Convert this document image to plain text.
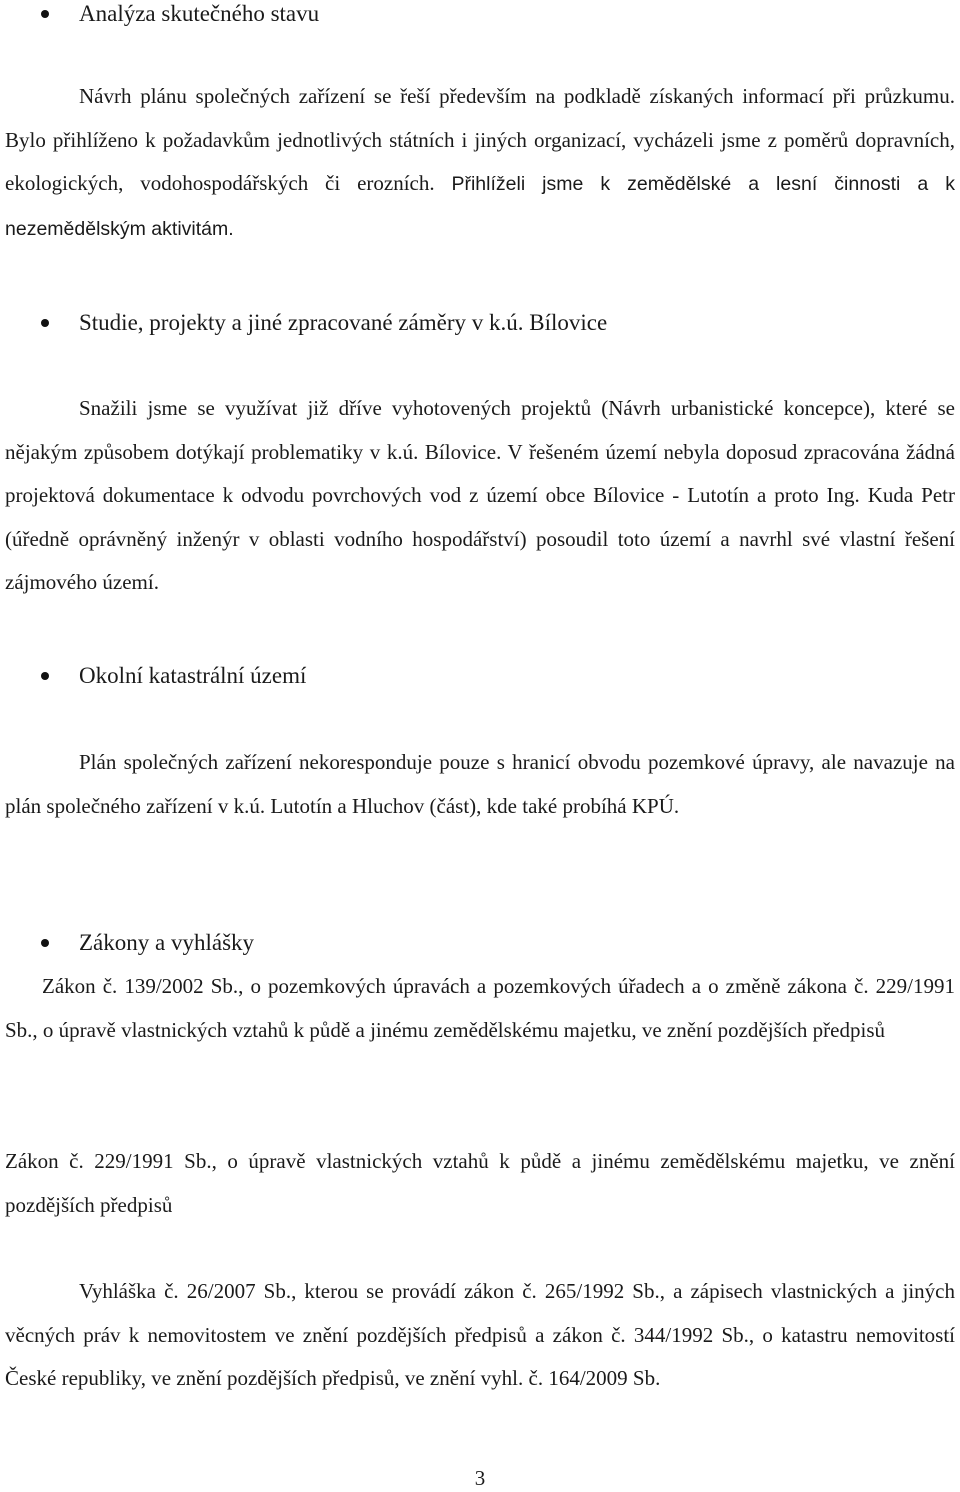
Analýza skutečného stavu

Návrh plánu společných zařízení se řeší především na podkladě získaných informací při průzkumu. Bylo přihlíženo k požadavkům jednotlivých státních i jiných organizací, vycházeli jsme z poměrů dopravních, ekologických, vodohospodářských či erozních. Přihlíželi jsme k zemědělské a lesní činnosti a k nezemědělským aktivitám.

Studie, projekty a jiné zpracované záměry v k.ú. Bílovice

Snažili jsme se využívat již dříve vyhotovených projektů (Návrh urbanistické koncepce), které se nějakým způsobem dotýkají problematiky v k.ú. Bílovice. V řešeném území nebyla doposud zpracována žádná projektová dokumentace k odvodu povrchových vod z území obce Bílovice - Lutotín a proto Ing. Kuda Petr (úředně oprávněný inženýr v oblasti vodního hospodářství) posoudil toto území a navrhl své vlastní řešení zájmového území.

Okolní katastrální území

Plán společných zařízení nekoresponduje pouze s hranicí obvodu pozemkové úpravy, ale navazuje na plán společného zařízení v k.ú. Lutotín a Hluchov (část), kde také probíhá KPÚ.

Zákony a vyhlášky

Zákon č. 139/2002 Sb., o pozemkových úpravách a pozemkových úřadech a o změně zákona č. 229/1991 Sb., o úpravě vlastnických vztahů k půdě a jinému zemědělskému majetku, ve znění pozdějších předpisů

Zákon č. 229/1991 Sb., o úpravě vlastnických vztahů k půdě a jinému zemědělskému majetku, ve znění pozdějších předpisů

Vyhláška č. 26/2007 Sb., kterou se provádí zákon č. 265/1992 Sb., a zápisech vlastnických a jiných věcných práv k nemovitostem ve znění pozdějších předpisů a zákon č. 344/1992 Sb., o katastru nemovitostí České republiky, ve znění pozdějších předpisů, ve znění vyhl. č. 164/2009 Sb.

3
